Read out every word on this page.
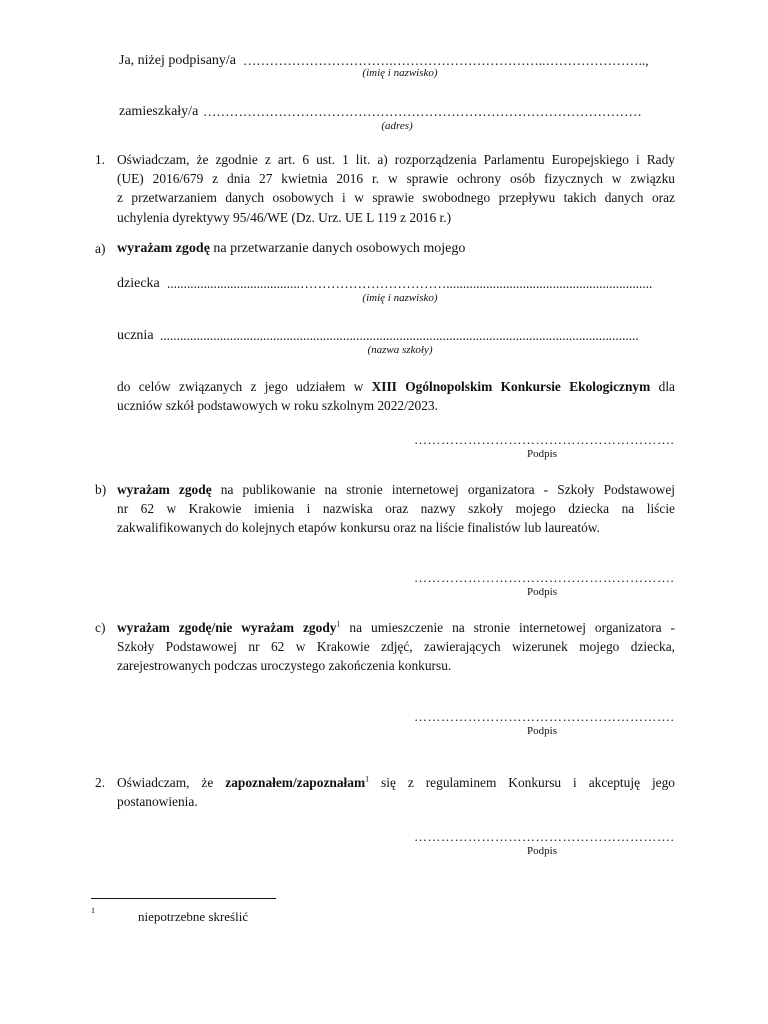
Ja, niżej podpisany/a …………………………….……………………………..…………………..,
(imię i nazwisko)
zamieszkały/a ………………………………………………………………………………………
(adres)
1. Oświadczam, że zgodnie z art. 6 ust. 1 lit. a) rozporządzenia Parlamentu Europejskiego i Rady
(UE) 2016/679 z dnia 27 kwietnia 2016 r. w sprawie ochrony osób fizycznych w związku
z przetwarzaniem danych osobowych i w sprawie swobodnego przepływu takich danych oraz
uchylenia dyrektywy 95/46/WE (Dz. Urz. UE L 119 z 2016 r.)
a) wyrażam zgodę na przetwarzanie danych osobowych mojego
dziecka ........................................……………………………..............................................................
(imię i nazwisko)
ucznia ................................................................................................................................................
(nazwa szkoły)
do celów związanych z jego udziałem w XIII Ogólnopolskim Konkursie Ekologicznym dla
uczniów szkół podstawowych w roku szkolnym 2022/2023.
………………………………………………….
Podpis
b) wyrażam zgodę na publikowanie na stronie internetowej organizatora - Szkoły Podstawowej
nr 62 w Krakowie imienia i nazwiska oraz nazwy szkoły mojego dziecka na liście
zakwalifikowanych do kolejnych etapów konkursu oraz na liście finalistów lub laureatów.
………………………………………………….
Podpis
c) wyrażam zgodę/nie wyrażam zgody$^1$ na umieszczenie na stronie internetowej organizatora -
Szkoły Podstawowej nr 62 w Krakowie zdjęć, zawierających wizerunek mojego dziecka,
zarejestrowanych podczas uroczystego zakończenia konkursu.
………………………………………………….
Podpis
2. Oświadczam, że zapoznałem/zapoznałam$^1$ się z regulaminem Konkursu i akceptuję jego
postanowienia.
………………………………………………….
Podpis
1	niepotrzebne skreślić
